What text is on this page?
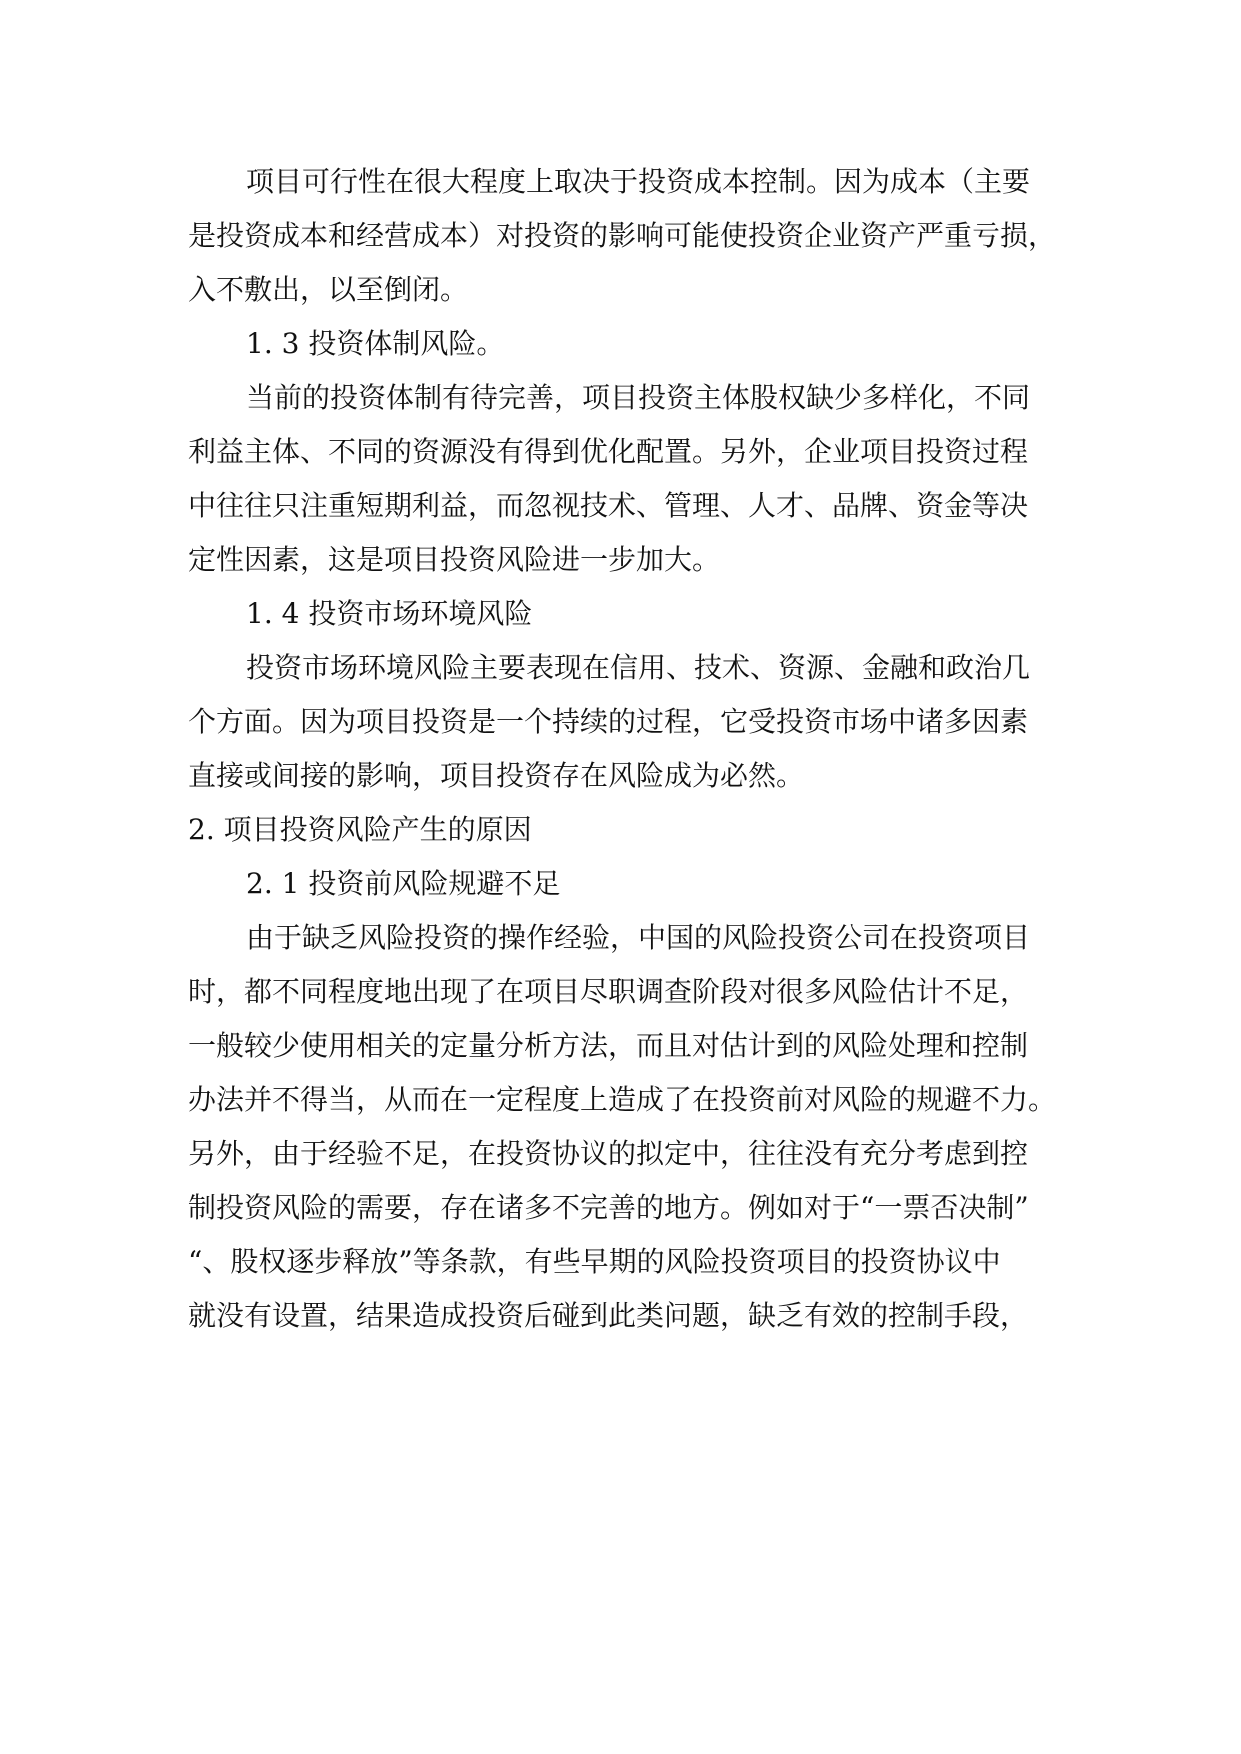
项目可行性在很大程度上取决于投资成本控制。因为成本（主要
是投资成本和经营成本）对投资的影响可能使投资企业资产严重亏损，
入不敷出，以至倒闭。
1. 3 投资体制风险。
当前的投资体制有待完善，项目投资主体股权缺少多样化，不同
利益主体、不同的资源没有得到优化配置。另外，企业项目投资过程
中往往只注重短期利益，而忽视技术、管理、人才、品牌、资金等决
定性因素，这是项目投资风险进一步加大。
1. 4 投资市场环境风险
投资市场环境风险主要表现在信用、技术、资源、金融和政治几
个方面。因为项目投资是一个持续的过程，它受投资市场中诸多因素
直接或间接的影响，项目投资存在风险成为必然。
2. 项目投资风险产生的原因
2. 1 投资前风险规避不足
由于缺乏风险投资的操作经验，中国的风险投资公司在投资项目
时，都不同程度地出现了在项目尽职调查阶段对很多风险估计不足，
一般较少使用相关的定量分析方法，而且对估计到的风险处理和控制
办法并不得当，从而在一定程度上造成了在投资前对风险的规避不力。
另外，由于经验不足，在投资协议的拟定中，往往没有充分考虑到控
制投资风险的需要，存在诸多不完善的地方。例如对于“一票否决制”
“、股权逐步释放”等条款，有些早期的风险投资项目的投资协议中
就没有设置，结果造成投资后碰到此类问题，缺乏有效的控制手段，
